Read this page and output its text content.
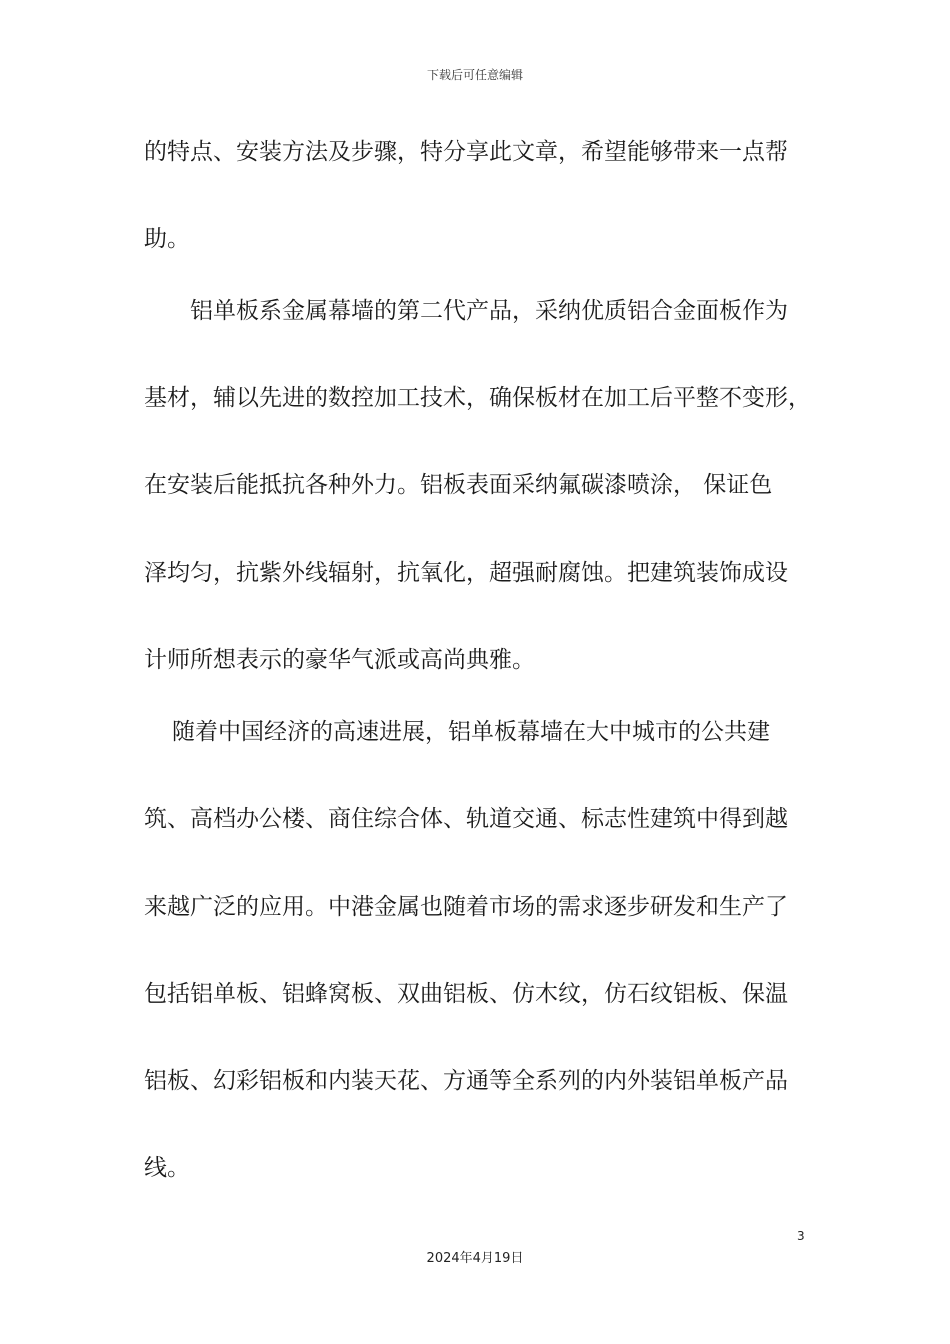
下载后可任意编辑
的特点、安装方法及步骤，特分享此文章，希望能够带来一点帮
助。
铝单板系金属幕墙的第二代产品，采纳优质铝合金面板作为
基材，辅以先进的数控加工技术，确保板材在加工后平整不变形，
在安装后能抵抗各种外力。铝板表面采纳氟碳漆喷涂， 保证色
泽均匀，抗紫外线辐射，抗氧化，超强耐腐蚀。把建筑装饰成设
计师所想表示的豪华气派或高尚典雅。
随着中国经济的高速进展，铝单板幕墙在大中城市的公共建
筑、高档办公楼、商住综合体、轨道交通、标志性建筑中得到越
来越广泛的应用。中港金属也随着市场的需求逐步研发和生产了
包括铝单板、铝蜂窝板、双曲铝板、仿木纹，仿石纹铝板、保温
铝板、幻彩铝板和内装天花、方通等全系列的内外装铝单板产品
线。
3
2024年4月19日
